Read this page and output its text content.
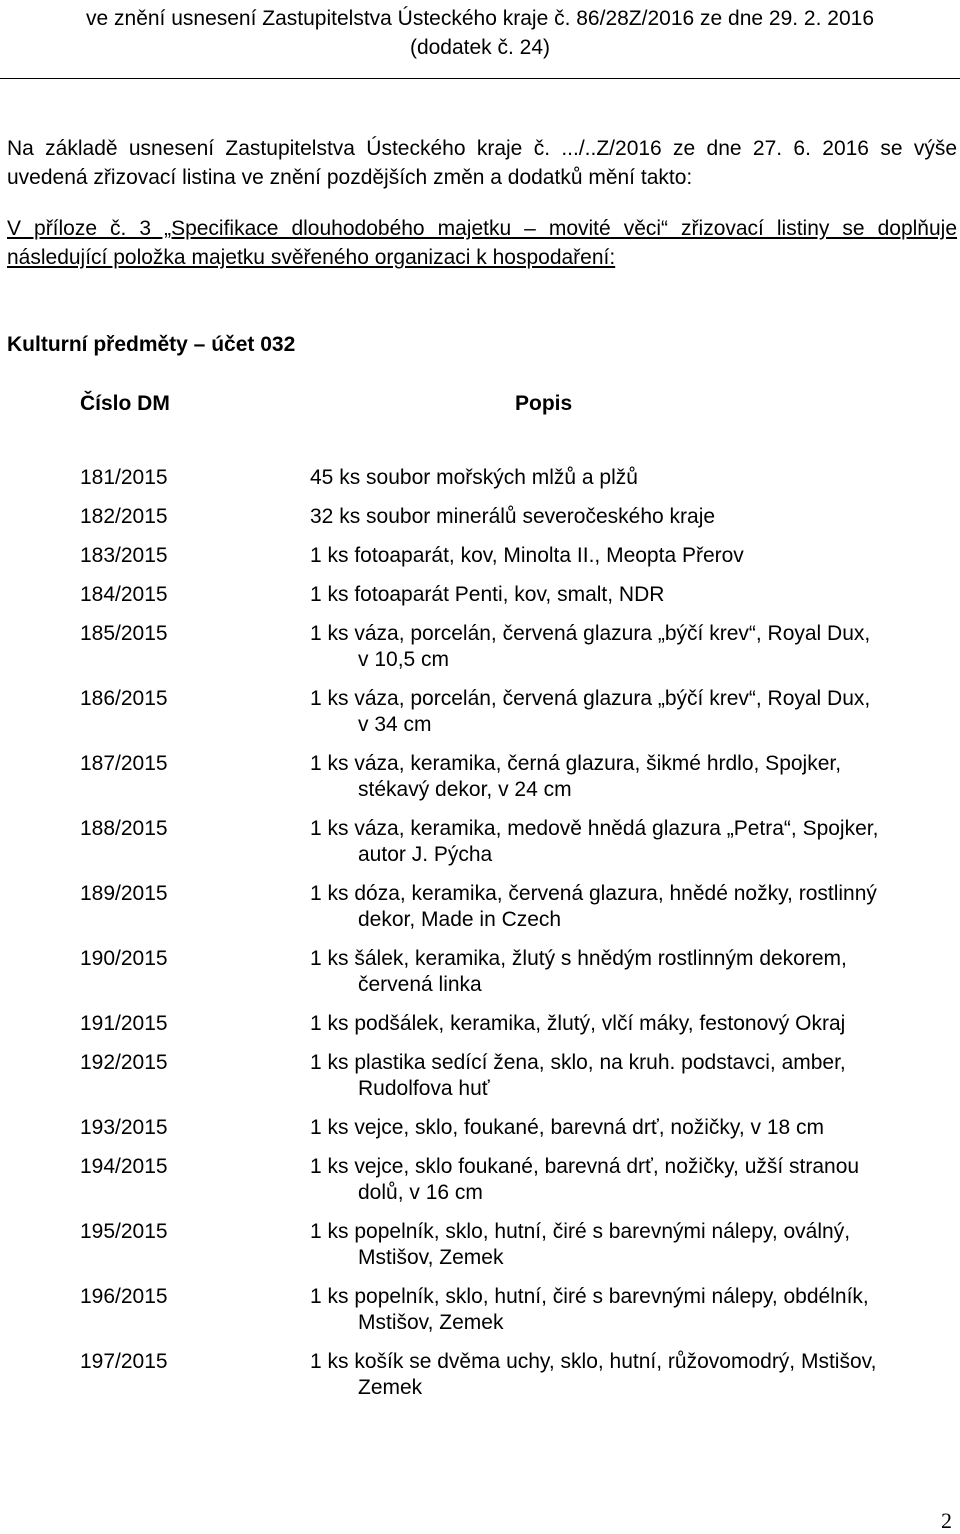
ve znění usnesení Zastupitelstva Ústeckého kraje č. 86/28Z/2016 ze dne 29. 2. 2016
(dodatek č. 24)
Na základě usnesení Zastupitelstva Ústeckého kraje č. .../..Z/2016 ze dne 27. 6. 2016 se výše uvedená zřizovací listina ve znění pozdějších změn a dodatků mění takto:
V příloze č. 3 „Specifikace dlouhodobého majetku – movité věci“ zřizovací listiny se doplňuje následující položka majetku svěřeného organizaci k hospodaření:
Kulturní předměty – účet 032
Číslo DM	Popis
181/2015	45 ks soubor mořských mlžů a plžů
182/2015	32 ks soubor minerálů severočeského kraje
183/2015	1 ks fotoaparát, kov, Minolta II., Meopta Přerov
184/2015	1 ks fotoaparát Penti, kov, smalt, NDR
185/2015	1 ks váza, porcelán, červená glazura „býčí krev“, Royal Dux, v 10,5 cm
186/2015	1 ks váza, porcelán, červená glazura „býčí krev“, Royal Dux, v 34 cm
187/2015	1 ks váza, keramika, černá glazura, šikmé hrdlo, Spojker, stékavý dekor, v 24 cm
188/2015	1 ks váza, keramika, medově hnědá glazura „Petra“, Spojker, autor J. Pýcha
189/2015	1 ks dóza, keramika, červená glazura, hnědé nožky, rostlinný dekor, Made in Czech
190/2015	1 ks šálek, keramika, žlutý s hnědým rostlinným dekorem, červená linka
191/2015	1 ks podšálek, keramika, žlutý, vlčí máky, festonový Okraj
192/2015	1 ks plastika sedící žena, sklo, na kruh. podstavci, amber, Rudolfova huť
193/2015	1 ks vejce, sklo, foukané, barevná drť, nožičky, v 18 cm
194/2015	1 ks vejce, sklo foukané, barevná drť, nožičky, užší stranou dolů, v 16 cm
195/2015	1 ks popelník, sklo, hutní, čiré s barevnými nálepy, oválný, Mstišov, Zemek
196/2015	1 ks popelník, sklo, hutní, čiré s barevnými nálepy, obdélník, Mstišov, Zemek
197/2015	1 ks košík se dvěma uchy, sklo, hutní, růžovomodrý, Mstišov, Zemek
2
